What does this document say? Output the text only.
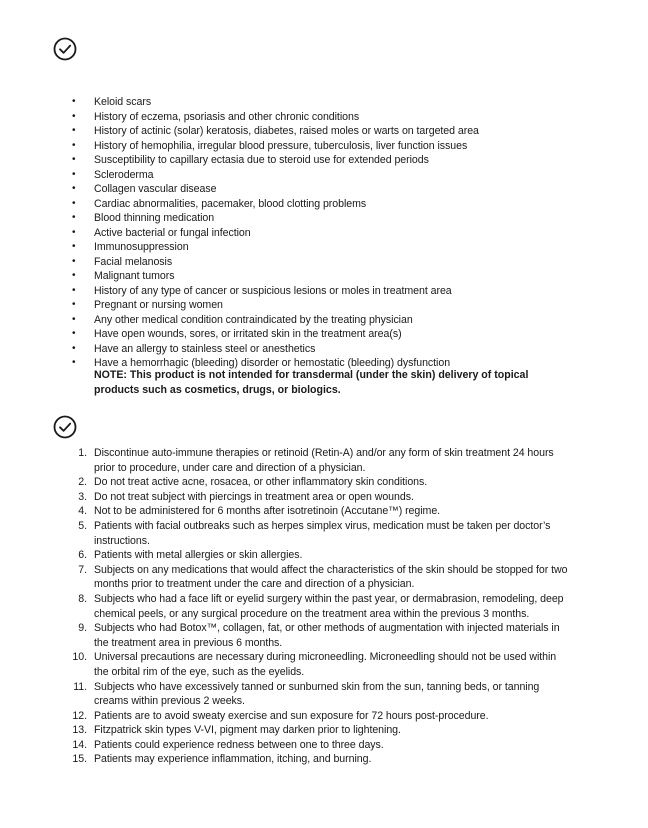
• Keloid scars
• History of eczema, psoriasis and other chronic conditions
• History of actinic (solar) keratosis, diabetes, raised moles or warts on targeted area
• History of hemophilia, irregular blood pressure, tuberculosis, liver function issues
• Susceptibility to capillary ectasia due to steroid use for extended periods
• Scleroderma
• Collagen vascular disease
• Cardiac abnormalities, pacemaker, blood clotting problems
• Blood thinning medication
• Active bacterial or fungal infection
• Immunosuppression
• Facial melanosis
• Malignant tumors
• History of any type of cancer or suspicious lesions or moles in treatment area
• Pregnant or nursing women
• Any other medical condition contraindicated by the treating physician
• Have open wounds, sores, or irritated skin in the treatment area(s)
• Have an allergy to stainless steel or anesthetics
• Have a hemorrhagic (bleeding) disorder or hemostatic (bleeding) dysfunction
NOTE: This product is not intended for transdermal (under the skin) delivery of topical products such as cosmetics, drugs, or biologics.
1. Discontinue auto-immune therapies or retinoid (Retin-A) and/or any form of skin treatment 24 hours prior to procedure, under care and direction of a physician.
2. Do not treat active acne, rosacea, or other inflammatory skin conditions.
3. Do not treat subject with piercings in treatment area or open wounds.
4. Not to be administered for 6 months after isotretinoin (Accutane™) regime.
5. Patients with facial outbreaks such as herpes simplex virus, medication must be taken per doctor’s instructions.
6. Patients with metal allergies or skin allergies.
7. Subjects on any medications that would affect the characteristics of the skin should be stopped for two months prior to treatment under the care and direction of a physician.
8. Subjects who had a face lift or eyelid surgery within the past year, or dermabrasion, remodeling, deep chemical peels, or any surgical procedure on the treatment area within the previous 3 months.
9. Subjects who had Botox™, collagen, fat, or other methods of augmentation with injected materials in the treatment area in previous 6 months.
10. Universal precautions are necessary during microneedling. Microneedling should not be used within the orbital rim of the eye, such as the eyelids.
11. Subjects who have excessively tanned or sunburned skin from the sun, tanning beds, or tanning creams within previous 2 weeks.
12. Patients are to avoid sweaty exercise and sun exposure for 72 hours post-procedure.
13. Fitzpatrick skin types V-VI, pigment may darken prior to lightening.
14. Patients could experience redness between one to three days.
15. Patients may experience inflammation, itching, and burning.
